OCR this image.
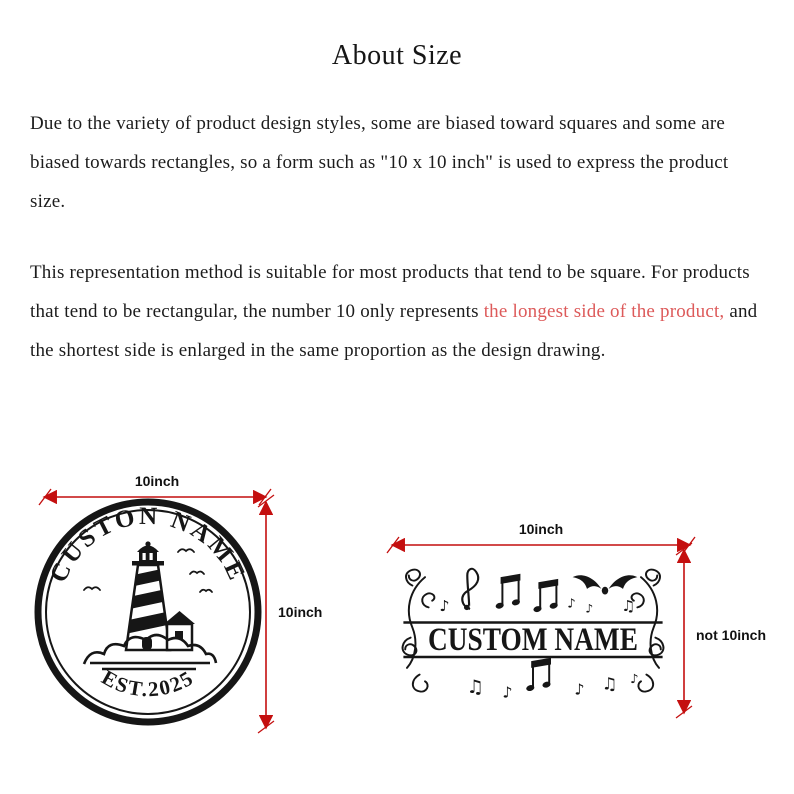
About Size

Due to the variety of product design styles, some are biased toward squares and some are biased towards rectangles, so a form such as "10 x 10 inch" is used to express the product size.

This representation method is suitable for most products that tend to be square. For products that tend to be rectangular, the number 10 only represents the longest side of the product, and the shortest side is enlarged in the same proportion as the design drawing.

CUSTON NAME
EST.2025
10inch
10inch
CUSTOM NAME
♪	♪ ♪ ♫
♫ ♪	♪ ♫ ♪
10inch
not 10inch
